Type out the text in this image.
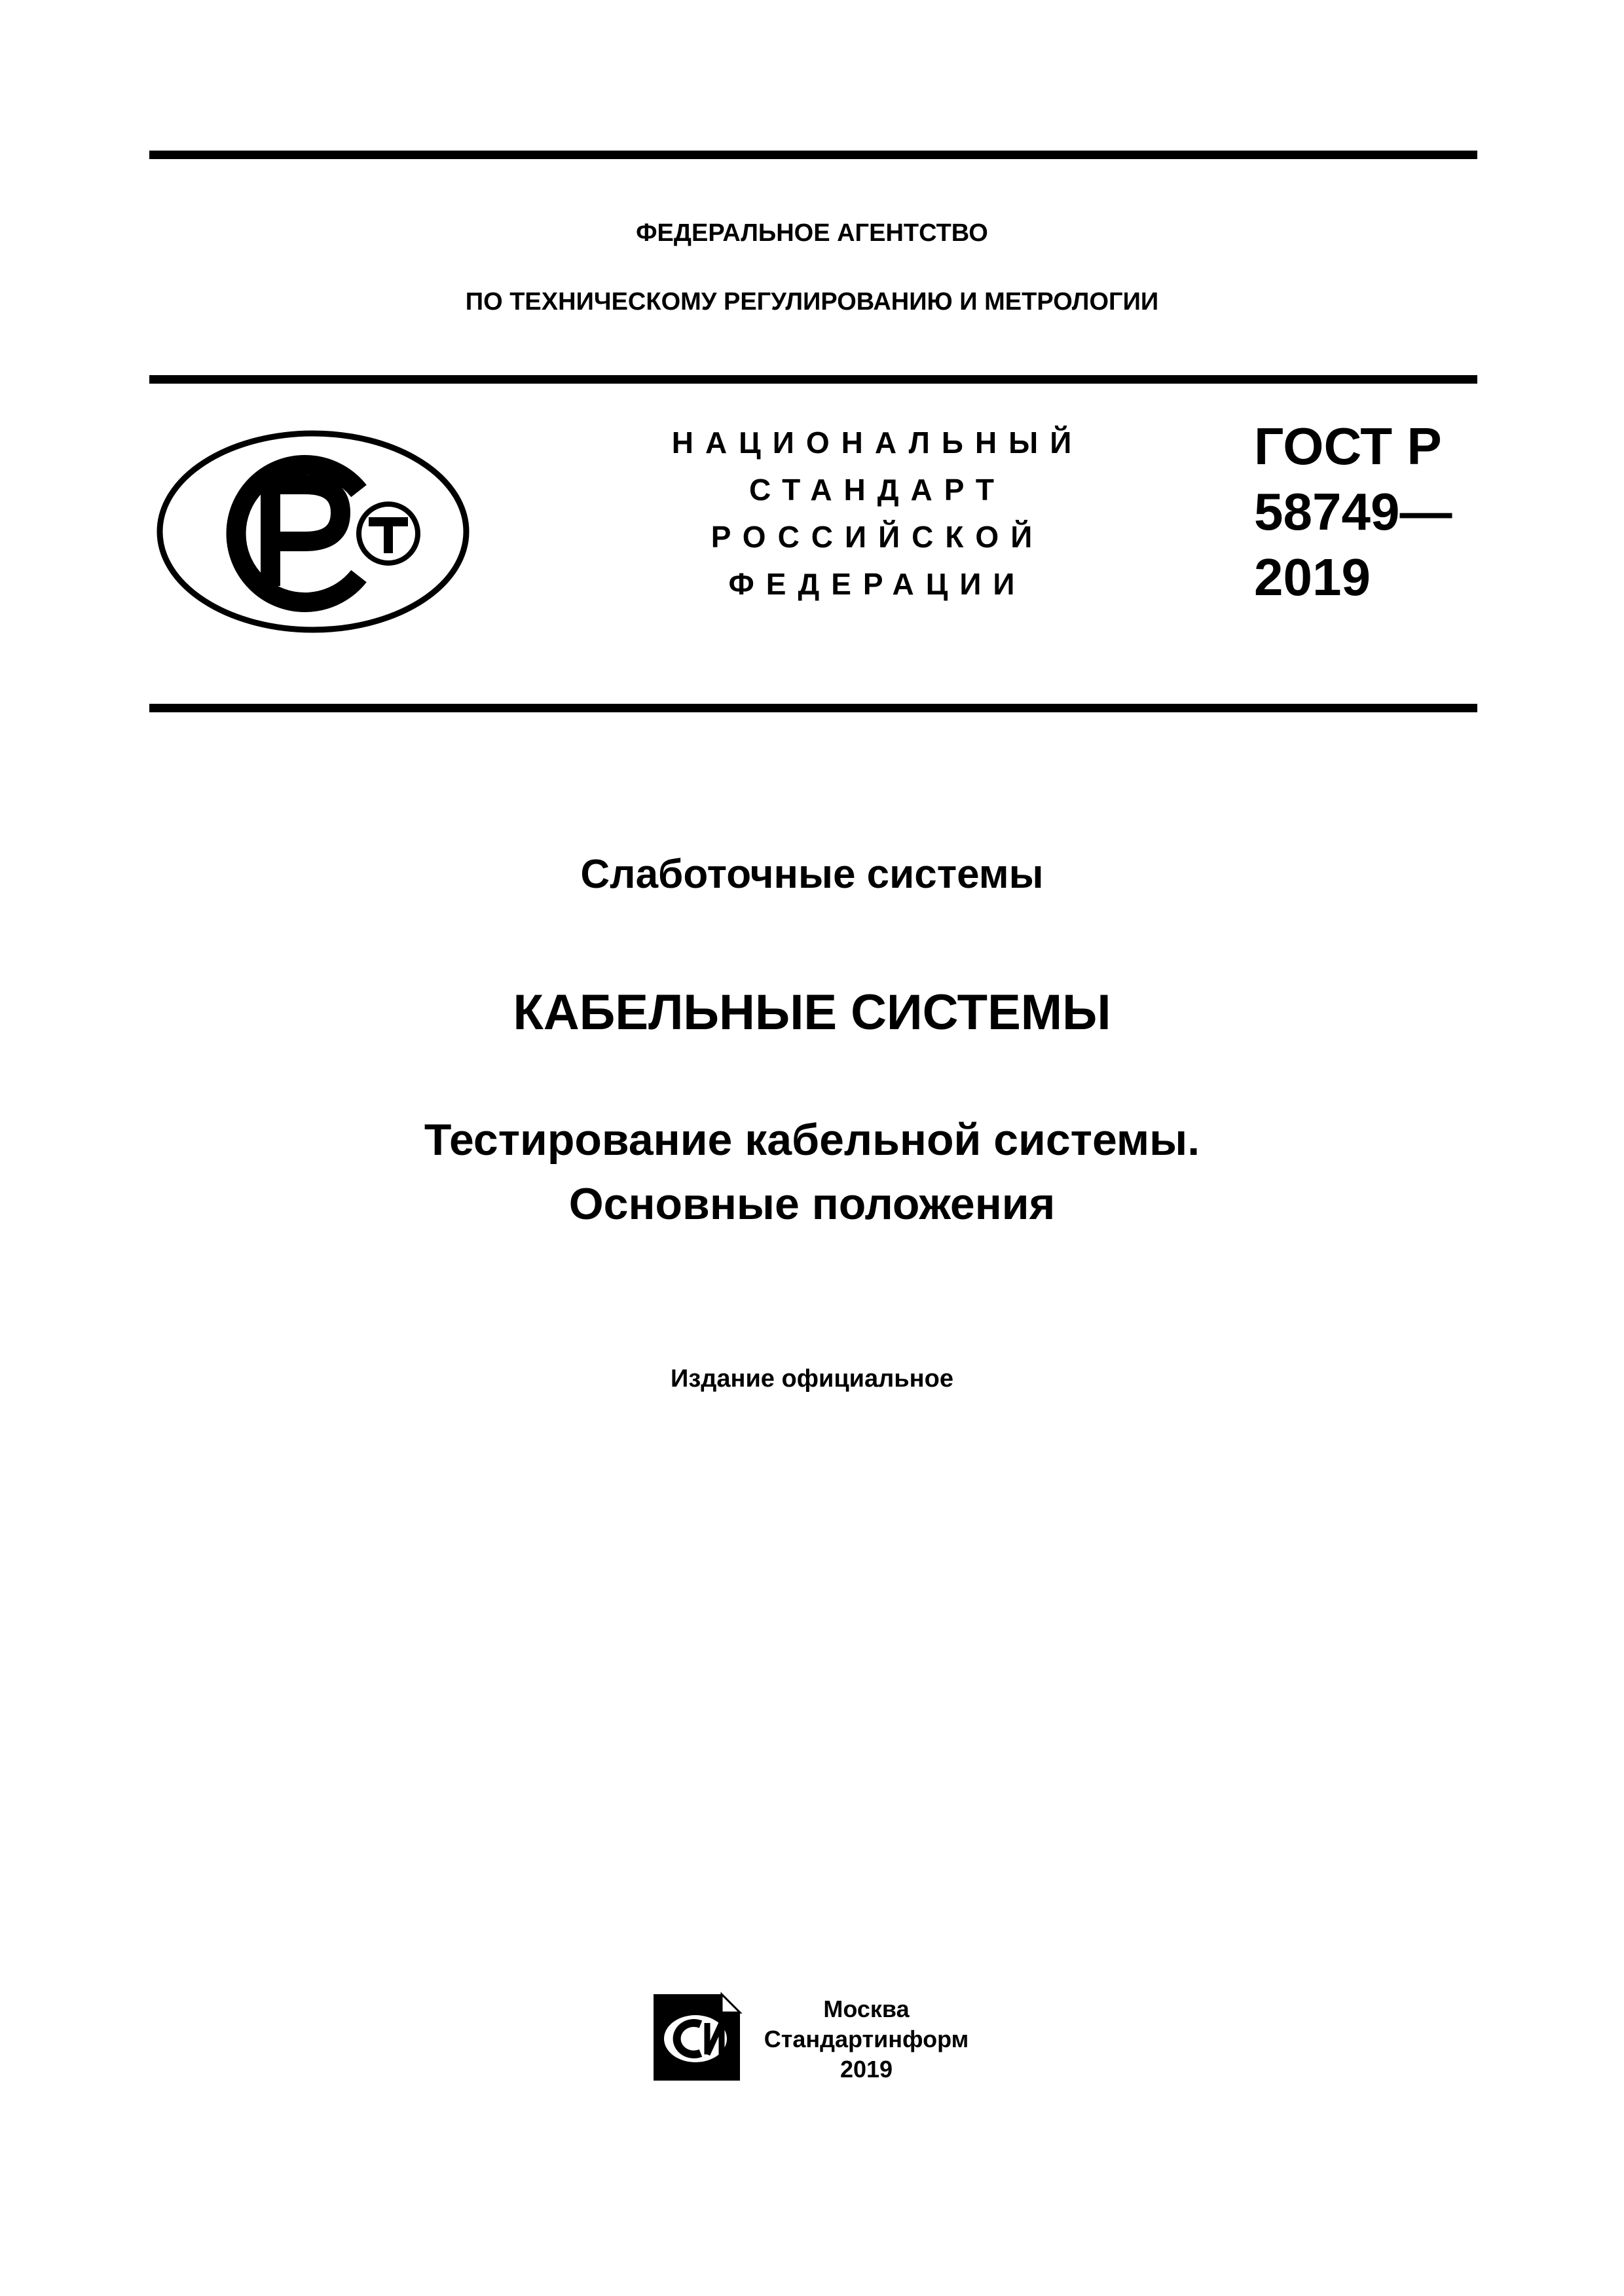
ФЕДЕРАЛЬНОЕ АГЕНТСТВО
ПО ТЕХНИЧЕСКОМУ РЕГУЛИРОВАНИЮ И МЕТРОЛОГИИ
НАЦИОНАЛЬНЫЙ
СТАНДАРТ
РОССИЙСКОЙ
ФЕДЕРАЦИИ
ГОСТ Р
58749—
2019
Слаботочные системы
КАБЕЛЬНЫЕ СИСТЕМЫ
Тестирование кабельной системы.
Основные положения
Издание официальное
Москва
Стандартинформ
2019
